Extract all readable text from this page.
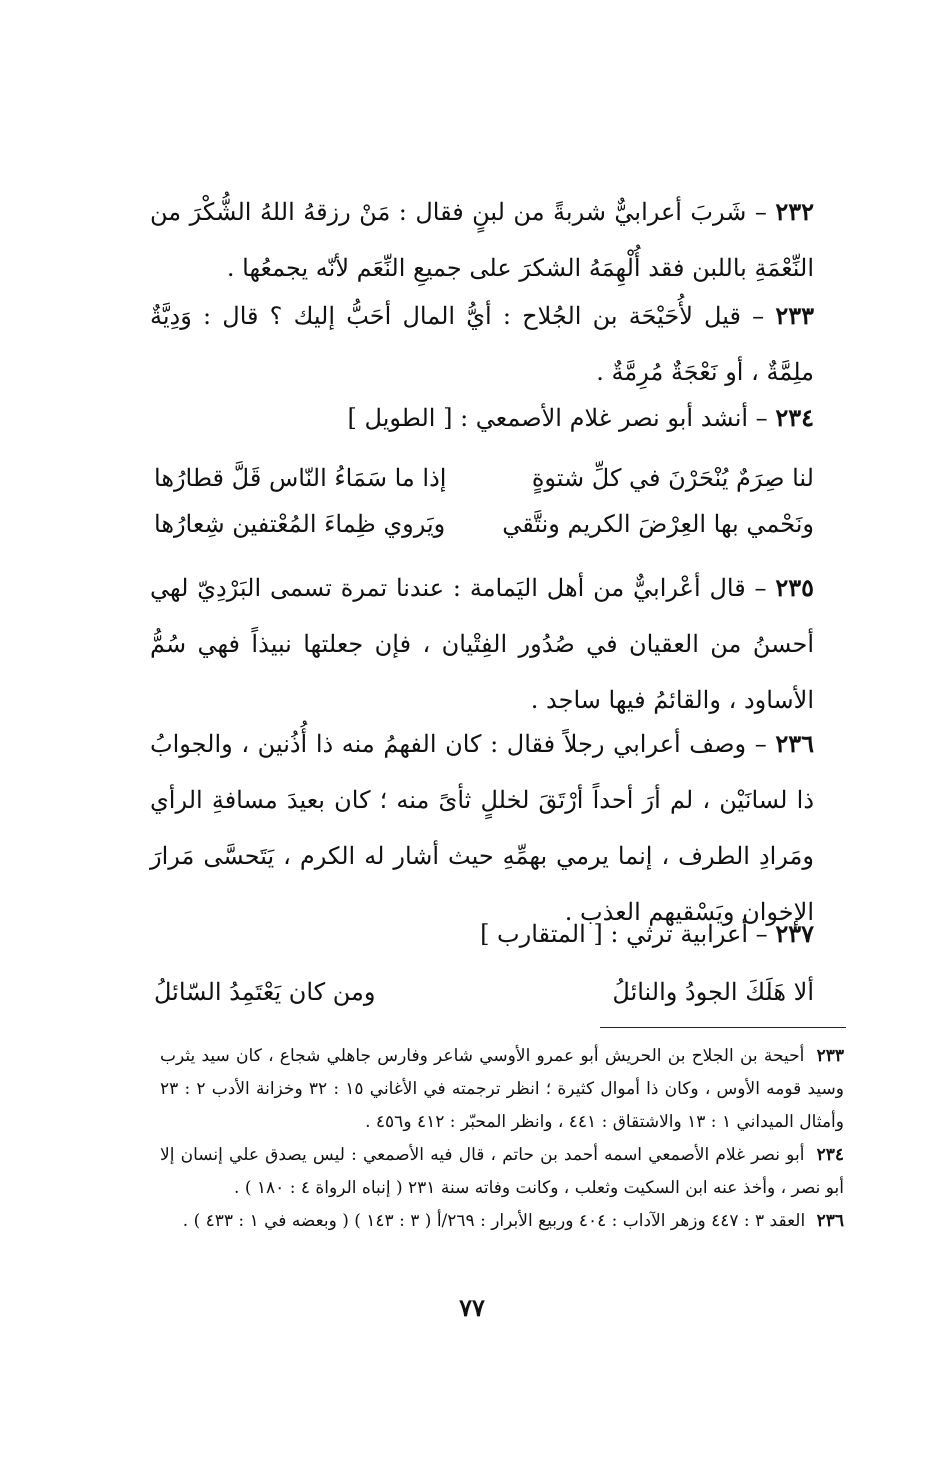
٢٣٢ – شَربَ أعرابيٌّ شربةً من لبنٍ فقال : مَنْ رزقهُ اللهُ الشُّكْرَ من النِّعْمَةِ باللبن فقد أُلْهِمَهُ الشكرَ على جميعِ النِّعَم لأنّه يجمعُها .
٢٣٣ – قيل لأُحَيْحَة بن الجُلاح : أيُّ المال أحَبُّ إليك ؟ قال : وَدِيَّةٌ ملِمَّةٌ ، أو نَعْجَةٌ مُرِمَّةٌ .
٢٣٤ – أنشد أبو نصر غلام الأصمعي : [ الطويل ]
لنا صِرَمٌ يُنْحَرْنَ في كلِّ شتوةٍ
إذا ما سَمَاءُ النّاس قَلَّ قطارُها
ونَحْمي بها العِرْضَ الكريم ونتَّقي
ويَروي ظِماءَ المُعْتفين شِعارُها
٢٣٥ – قال أعْرابيٌّ من أهل اليَمامة : عندنا تمرة تسمى البَرْدِيّ لهي أحسنُ من العقيان في صُدُور الفِتْيان ، فإن جعلتها نبيذاً فهي سُمُّ الأساود ، والقائمُ فيها ساجد .
٢٣٦ – وصف أعرابي رجلاً فقال : كان الفهمُ منه ذا أُذُنين ، والجوابُ ذا لسانَيْن ، لم أرَ أحداً أرْتَقَ لخللٍ ثأىً منه ؛ كان بعيدَ مسافةِ الرأي ومَرادِ الطرف ، إنما يرمي بهمِّهِ حيث أشار له الكرم ، يَتَحسَّى مَرارَ الإخوان ويَسْقيهم العذب .
٢٣٧ – أعرابية ترثي : [ المتقارب ]
ألا هَلَكَ الجودُ والنائلُ
ومن كان يَعْتَمِدُ السّائلُ
٢٣٣ أحيحة بن الجلاح بن الحريش أبو عمرو الأوسي شاعر وفارس جاهلي شجاع ، كان سيد يثرب وسيد قومه الأوس ، وكان ذا أموال كثيرة ؛ انظر ترجمته في الأغاني ١٥ : ٣٢ وخزانة الأدب ٢ : ٢٣ وأمثال الميداني ١ : ١٣ والاشتقاق : ٤٤١ ، وانظر المحبّر : ٤١٢ و٤٥٦ .
٢٣٤ أبو نصر غلام الأصمعي اسمه أحمد بن حاتم ، قال فيه الأصمعي : ليس يصدق علي إنسان إلا أبو نصر ، وأخذ عنه ابن السكيت وثعلب ، وكانت وفاته سنة ٢٣١ ( إنباه الرواة ٤ : ١٨٠ ) .
٢٣٦ العقد ٣ : ٤٤٧ وزهر الآداب : ٤٠٤ وربيع الأبرار : ٢٦٩/أ ( ٣ : ١٤٣ ) ( وبعضه في ١ : ٤٣٣ ) .
٧٧
